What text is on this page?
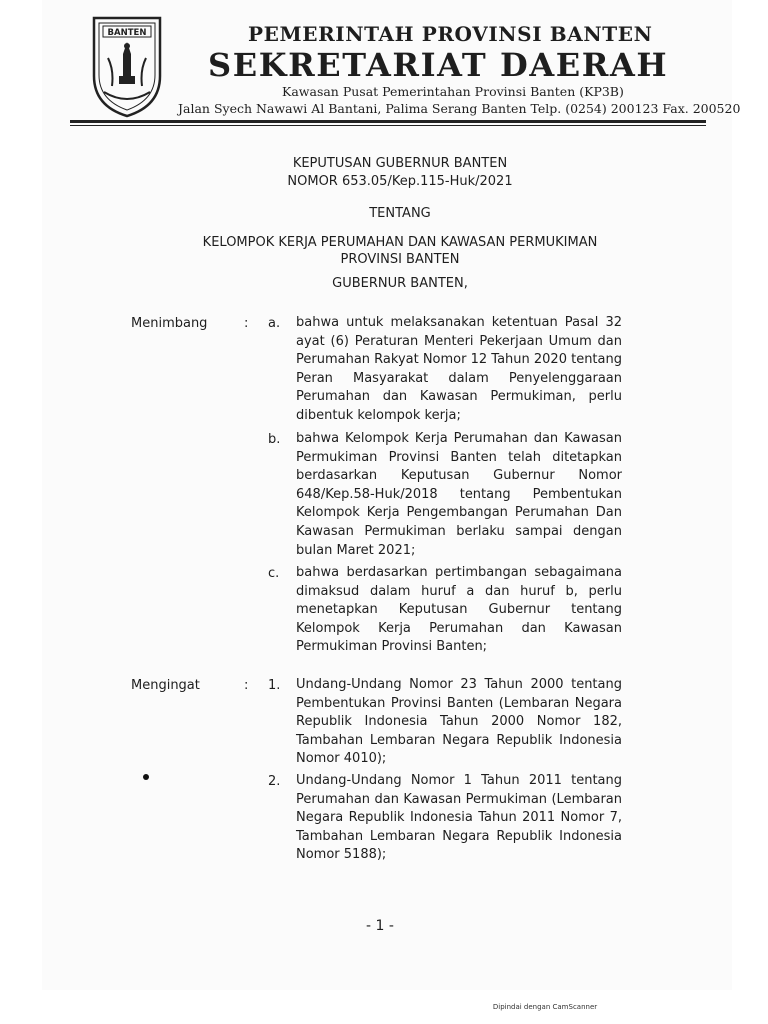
BANTEN	PEMERINTAH PROVINSI BANTEN
SEKRETARIAT DAERAH
Kawasan Pusat Pemerintahan Provinsi Banten (KP3B)
Jalan Syech Nawawi Al Bantani, Palima Serang Banten Telp. (0254) 200123 Fax. 200520
KEPUTUSAN GUBERNUR BANTEN
NOMOR 653.05/Kep.115-Huk/2021
TENTANG
KELOMPOK KERJA PERUMAHAN DAN KAWASAN PERMUKIMAN
PROVINSI BANTEN
GUBERNUR BANTEN,
Menimbang	: a. bahwa untuk melaksanakan ketentuan Pasal 32 ayat (6) Peraturan Menteri Pekerjaan Umum dan Perumahan Rakyat Nomor 12 Tahun 2020 tentang Peran Masyarakat dalam Penyelenggaraan Perumahan dan Kawasan Permukiman, perlu dibentuk kelompok kerja;
b. bahwa Kelompok Kerja Perumahan dan Kawasan Permukiman Provinsi Banten telah ditetapkan berdasarkan Keputusan Gubernur Nomor 648/Kep.58-Huk/2018 tentang Pembentukan Kelompok Kerja Pengembangan Perumahan Dan Kawasan Permukiman berlaku sampai dengan bulan Maret 2021;
c. bahwa berdasarkan pertimbangan sebagaimana dimaksud dalam huruf a dan huruf b, perlu menetapkan Keputusan Gubernur tentang Kelompok Kerja Perumahan dan Kawasan Permukiman Provinsi Banten;
Mengingat	: 1. Undang-Undang Nomor 23 Tahun 2000 tentang Pembentukan Provinsi Banten (Lembaran Negara Republik Indonesia Tahun 2000 Nomor 182, Tambahan Lembaran Negara Republik Indonesia Nomor 4010);
2. Undang-Undang Nomor 1 Tahun 2011 tentang Perumahan dan Kawasan Permukiman (Lembaran Negara Republik Indonesia Tahun 2011 Nomor 7, Tambahan Lembaran Negara Republik Indonesia Nomor 5188);
- 1 -
Dipindai dengan CamScanner
